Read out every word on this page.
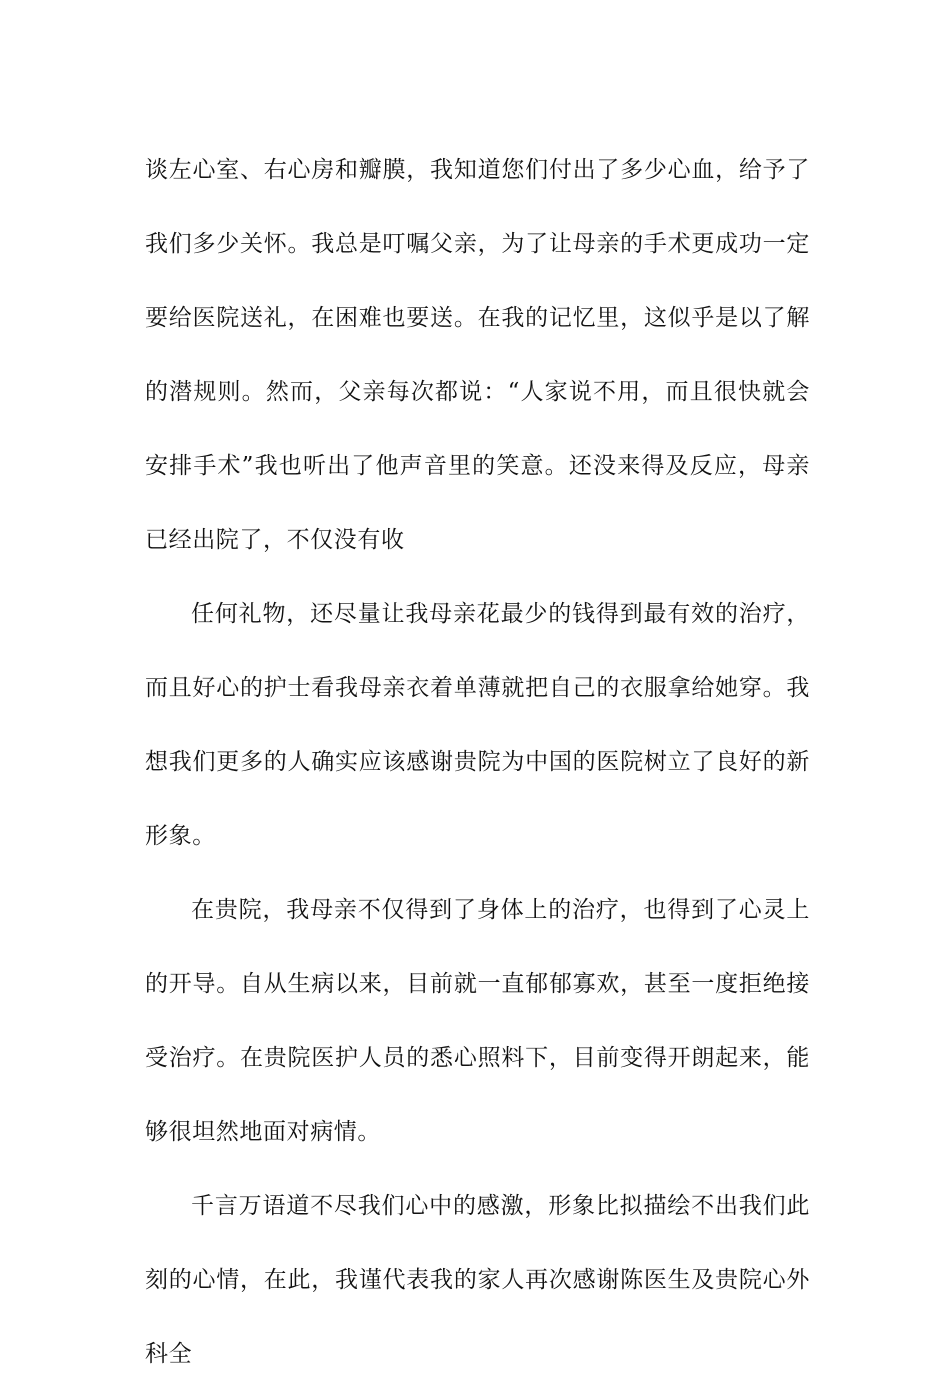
谈左心室、右心房和瓣膜，我知道您们付出了多少心血，给予了我们多少关怀。我总是叮嘱父亲，为了让母亲的手术更成功一定要给医院送礼，在困难也要送。在我的记忆里，这似乎是以了解的潜规则。然而，父亲每次都说：“人家说不用，而且很快就会安排手术”我也听出了他声音里的笑意。还没来得及反应，母亲已经出院了，不仅没有收

任何礼物，还尽量让我母亲花最少的钱得到最有效的治疗，而且好心的护士看我母亲衣着单薄就把自己的衣服拿给她穿。我想我们更多的人确实应该感谢贵院为中国的医院树立了良好的新形象。

在贵院，我母亲不仅得到了身体上的治疗，也得到了心灵上的开导。自从生病以来，目前就一直郁郁寡欢，甚至一度拒绝接受治疗。在贵院医护人员的悉心照料下，目前变得开朗起来，能够很坦然地面对病情。

千言万语道不尽我们心中的感激，形象比拟描绘不出我们此刻的心情，在此，我谨代表我的家人再次感谢陈医生及贵院心外科全
